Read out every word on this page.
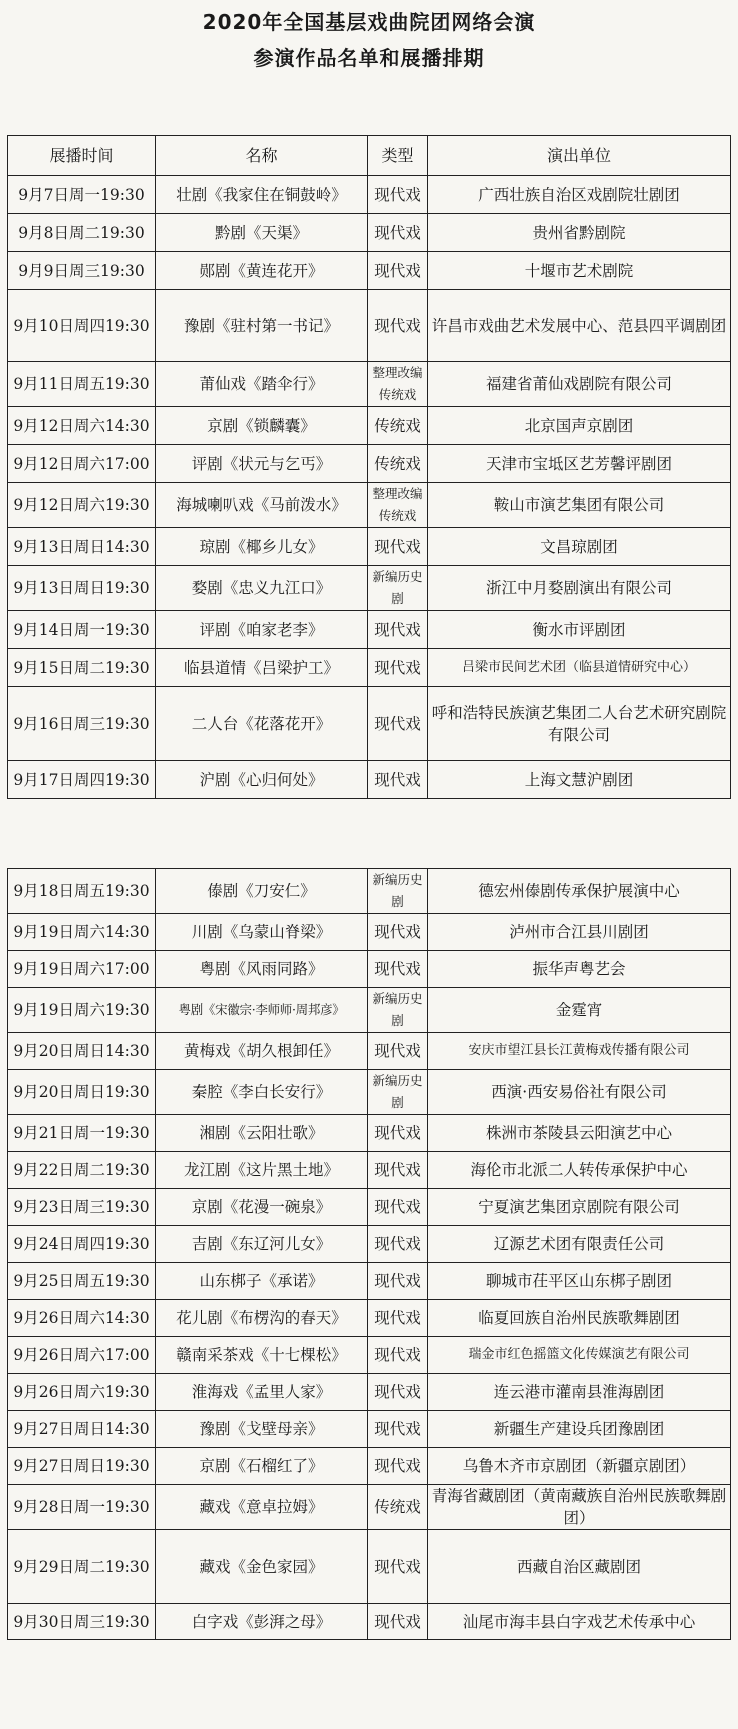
2020年全国基层戏曲院团网络会演
参演作品名单和展播排期
展播时间	名称	类型	演出单位
9月7日周一19:30	壮剧《我家住在铜鼓岭》	现代戏	广西壮族自治区戏剧院壮剧团
9月8日周二19:30	黔剧《天渠》	现代戏	贵州省黔剧院
9月9日周三19:30	郧剧《黄连花开》	现代戏	十堰市艺术剧院
9月10日周四19:30	豫剧《驻村第一书记》	现代戏	许昌市戏曲艺术发展中心、范县四平调剧团
9月11日周五19:30	莆仙戏《踏伞行》	整理改编传统戏	福建省莆仙戏剧院有限公司
9月12日周六14:30	京剧《锁麟囊》	传统戏	北京国声京剧团
9月12日周六17:00	评剧《状元与乞丐》	传统戏	天津市宝坻区艺芳馨评剧团
9月12日周六19:30	海城喇叭戏《马前泼水》	整理改编传统戏	鞍山市演艺集团有限公司
9月13日周日14:30	琼剧《椰乡儿女》	现代戏	文昌琼剧团
9月13日周日19:30	婺剧《忠义九江口》	新编历史剧	浙江中月婺剧演出有限公司
9月14日周一19:30	评剧《咱家老李》	现代戏	衡水市评剧团
9月15日周二19:30	临县道情《吕梁护工》	现代戏	吕梁市民间艺术团（临县道情研究中心）
9月16日周三19:30	二人台《花落花开》	现代戏	呼和浩特民族演艺集团二人台艺术研究剧院有限公司
9月17日周四19:30	沪剧《心归何处》	现代戏	上海文慧沪剧团
9月18日周五19:30	傣剧《刀安仁》	新编历史剧	德宏州傣剧传承保护展演中心
9月19日周六14:30	川剧《乌蒙山脊梁》	现代戏	泸州市合江县川剧团
9月19日周六17:00	粤剧《风雨同路》	现代戏	振华声粤艺会
9月19日周六19:30	粤剧《宋徽宗·李师师·周邦彦》	新编历史剧	金霆宵
9月20日周日14:30	黄梅戏《胡久根卸任》	现代戏	安庆市望江县长江黄梅戏传播有限公司
9月20日周日19:30	秦腔《李白长安行》	新编历史剧	西演·西安易俗社有限公司
9月21日周一19:30	湘剧《云阳壮歌》	现代戏	株洲市茶陵县云阳演艺中心
9月22日周二19:30	龙江剧《这片黑土地》	现代戏	海伦市北派二人转传承保护中心
9月23日周三19:30	京剧《花漫一碗泉》	现代戏	宁夏演艺集团京剧院有限公司
9月24日周四19:30	吉剧《东辽河儿女》	现代戏	辽源艺术团有限责任公司
9月25日周五19:30	山东梆子《承诺》	现代戏	聊城市茌平区山东梆子剧团
9月26日周六14:30	花儿剧《布楞沟的春天》	现代戏	临夏回族自治州民族歌舞剧团
9月26日周六17:00	赣南采茶戏《十七棵松》	现代戏	瑞金市红色摇篮文化传媒演艺有限公司
9月26日周六19:30	淮海戏《孟里人家》	现代戏	连云港市灌南县淮海剧团
9月27日周日14:30	豫剧《戈壁母亲》	现代戏	新疆生产建设兵团豫剧团
9月27日周日19:30	京剧《石榴红了》	现代戏	乌鲁木齐市京剧团（新疆京剧团）
9月28日周一19:30	藏戏《意卓拉姆》	传统戏	青海省藏剧团（黄南藏族自治州民族歌舞剧团）
9月29日周二19:30	藏戏《金色家园》	现代戏	西藏自治区藏剧团
9月30日周三19:30	白字戏《彭湃之母》	现代戏	汕尾市海丰县白字戏艺术传承中心
